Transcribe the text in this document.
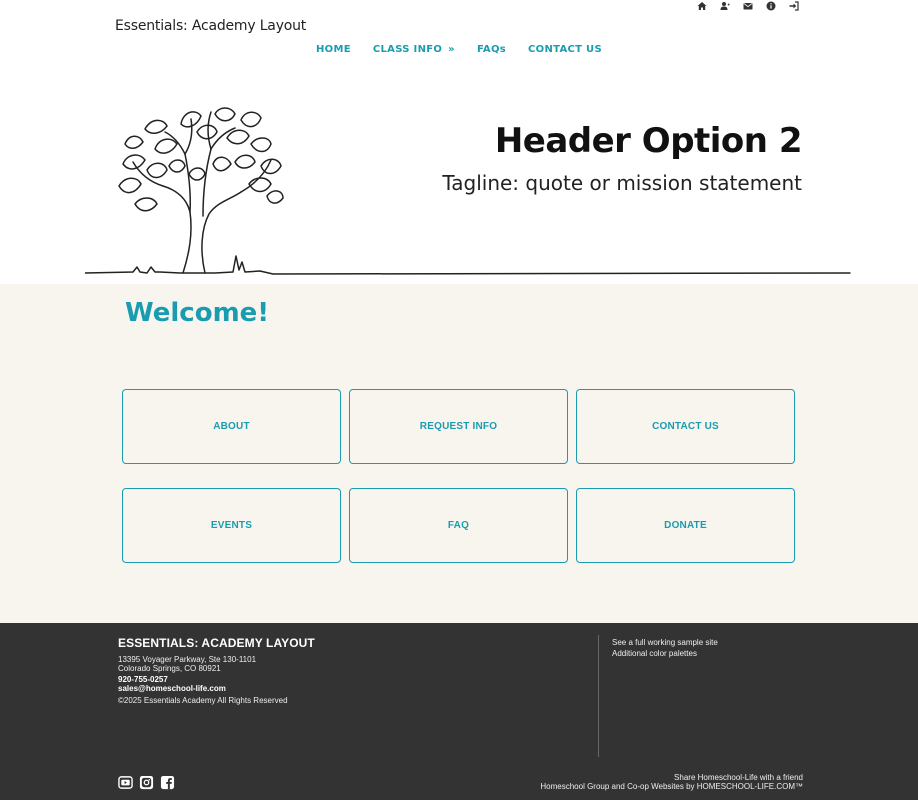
Essentials: Academy Layout
HOME CLASS INFO » FAQs CONTACT US
Header Option 2
Tagline: quote or mission statement
Welcome!
ABOUT	REQUEST INFO	CONTACT US
EVENTS	FAQ	DONATE
ESSENTIALS: ACADEMY LAYOUT
13395 Voyager Parkway, Ste 130-1101
Colorado Springs, CO 80921
920-755-0257
sales@homeschool-life.com
©2025 Essentials Academy All Rights Reserved
See a full working sample site
Additional color palettes
Share Homeschool-Life with a friend
Homeschool Group and Co-op Websites by HOMESCHOOL-LIFE.COM™
